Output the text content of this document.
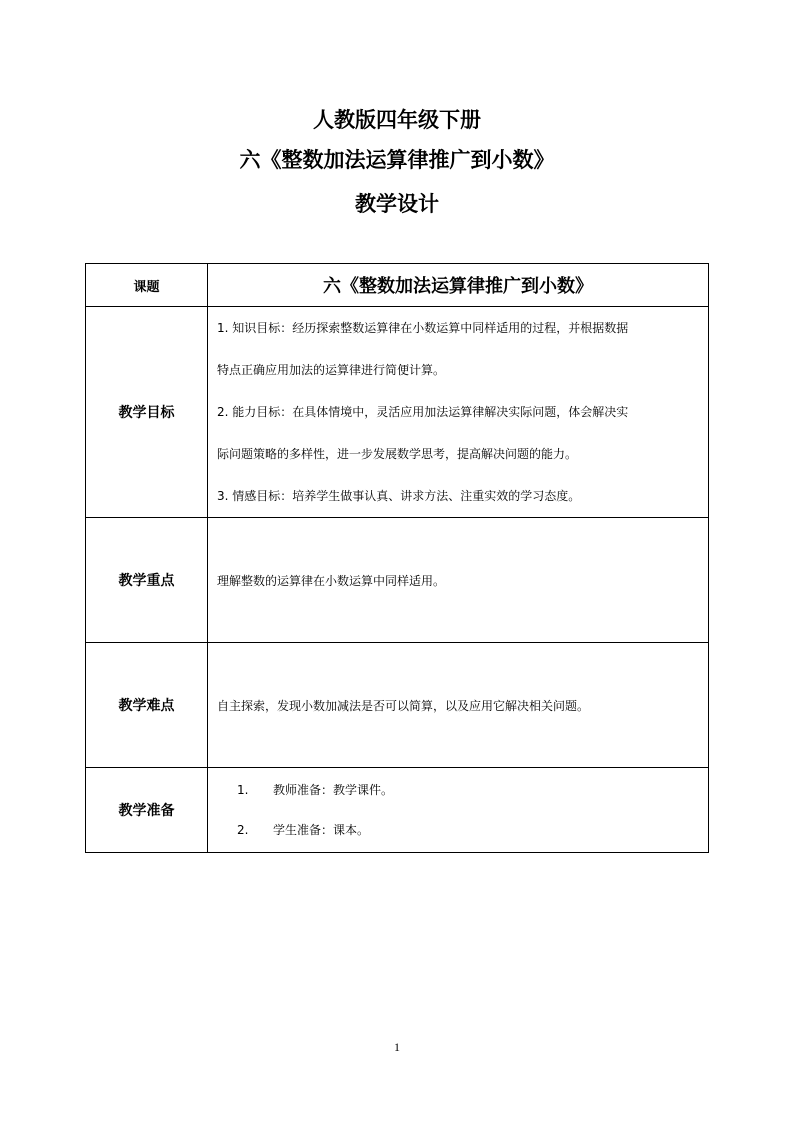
人教版四年级下册
六《整数加法运算律推广到小数》
教学设计
课题	六《整数加法运算律推广到小数》
教学目标	1. 知识目标：经历探索整数运算律在小数运算中同样适用的过程，并根据数据

特点正确应用加法的运算律进行简便计算。

2. 能力目标：在具体情境中，灵活应用加法运算律解决实际问题，体会解决实

际问题策略的多样性，进一步发展数学思考，提高解决问题的能力。

3. 情感目标：培养学生做事认真、讲求方法、注重实效的学习态度。

教学重点	理解整数的运算律在小数运算中同样适用。
教学难点	自主探索，发现小数加减法是否可以简算，以及应用它解决相关问题。
教学准备	1. 教师准备：教学课件。
2. 学生准备：课本。
1
